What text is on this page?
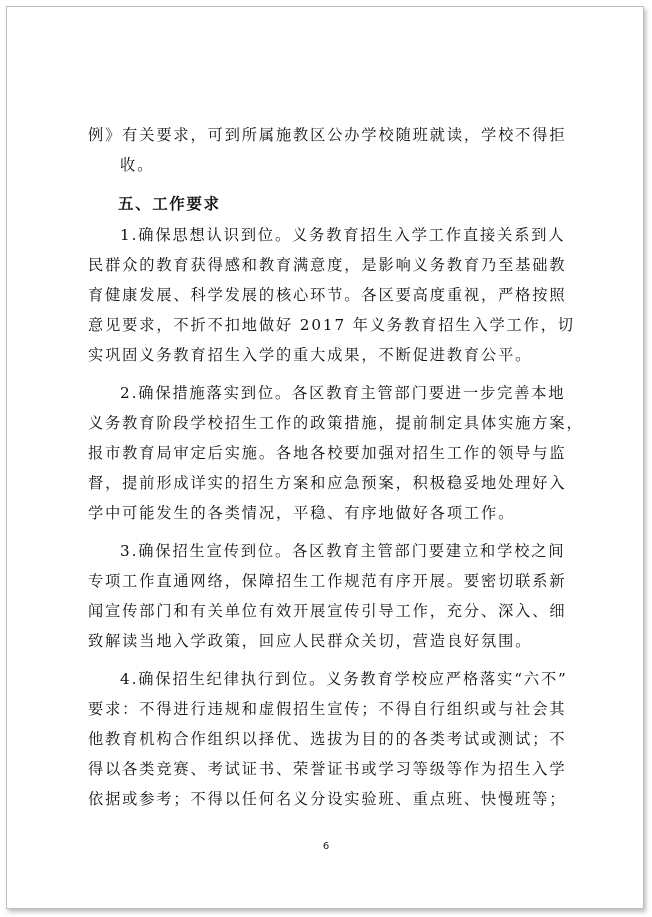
例》有关要求，可到所属施教区公办学校随班就读，学校不得拒
收。
五、工作要求
1.确保思想认识到位。义务教育招生入学工作直接关系到人
民群众的教育获得感和教育满意度，是影响义务教育乃至基础教
育健康发展、科学发展的核心环节。各区要高度重视，严格按照
意见要求，不折不扣地做好 2017 年义务教育招生入学工作，切
实巩固义务教育招生入学的重大成果，不断促进教育公平。
2.确保措施落实到位。各区教育主管部门要进一步完善本地
义务教育阶段学校招生工作的政策措施，提前制定具体实施方案，
报市教育局审定后实施。各地各校要加强对招生工作的领导与监
督，提前形成详实的招生方案和应急预案，积极稳妥地处理好入
学中可能发生的各类情况，平稳、有序地做好各项工作。
3.确保招生宣传到位。各区教育主管部门要建立和学校之间
专项工作直通网络，保障招生工作规范有序开展。要密切联系新
闻宣传部门和有关单位有效开展宣传引导工作，充分、深入、细
致解读当地入学政策，回应人民群众关切，营造良好氛围。
4.确保招生纪律执行到位。义务教育学校应严格落实“六不”
要求：不得进行违规和虚假招生宣传；不得自行组织或与社会其
他教育机构合作组织以择优、选拔为目的的各类考试或测试；不
得以各类竞赛、考试证书、荣誉证书或学习等级等作为招生入学
依据或参考；不得以任何名义分设实验班、重点班、快慢班等；
6
